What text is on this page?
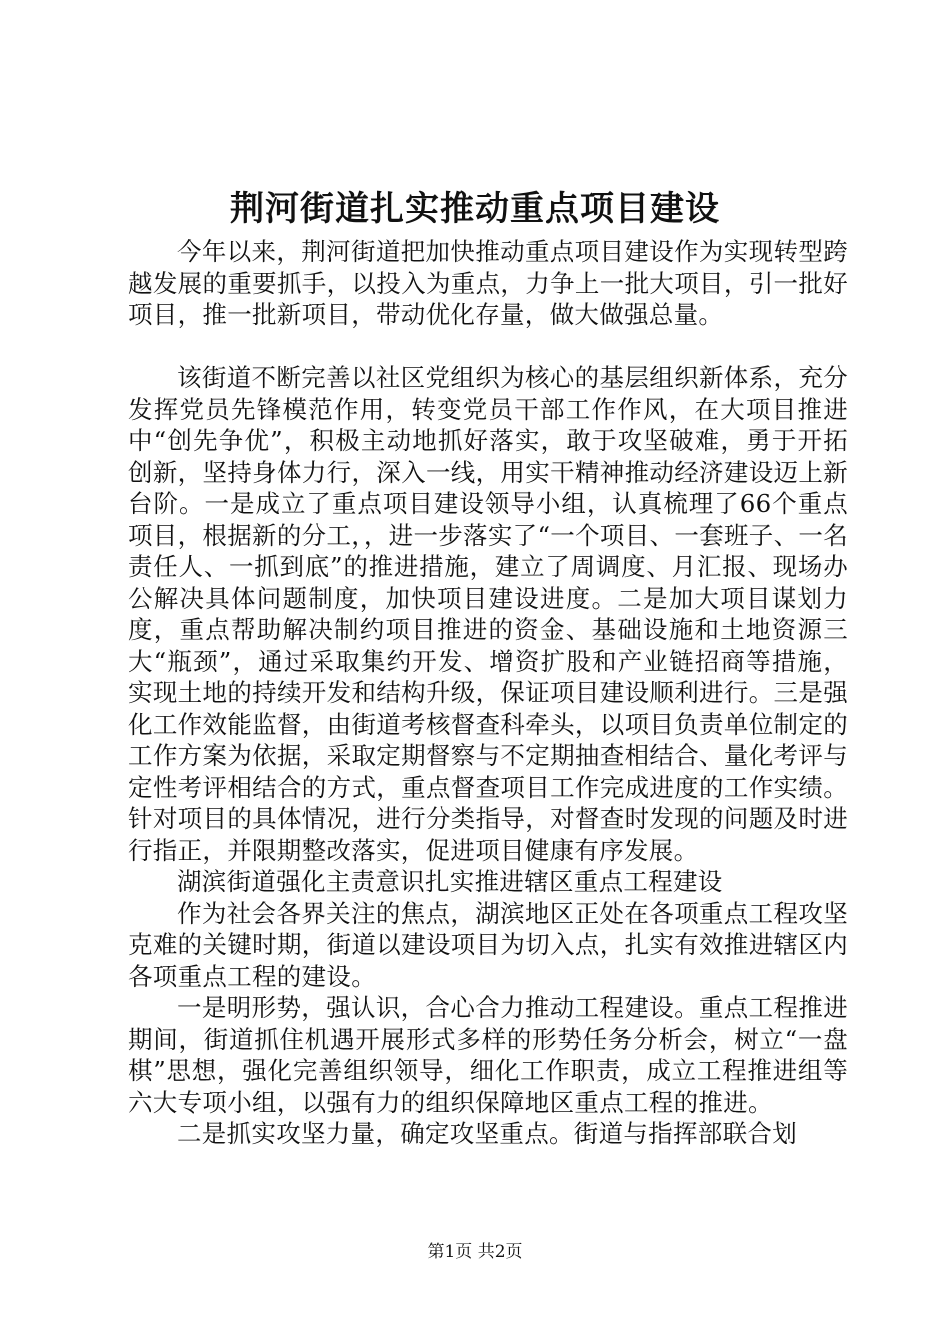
荆河街道扎实推动重点项目建设

今年以来，荆河街道把加快推动重点项目建设作为实现转型跨越发展的重要抓手，以投入为重点，力争上一批大项目，引一批好项目，推一批新项目，带动优化存量，做大做强总量。

该街道不断完善以社区党组织为核心的基层组织新体系，充分发挥党员先锋模范作用，转变党员干部工作作风，在大项目推进中“创先争优”，积极主动地抓好落实，敢于攻坚破难，勇于开拓创新，坚持身体力行，深入一线，用实干精神推动经济建设迈上新台阶。一是成立了重点项目建设领导小组，认真梳理了66个重点项目，根据新的分工，，进一步落实了“一个项目、一套班子、一名责任人、一抓到底”的推进措施，建立了周调度、月汇报、现场办公解决具体问题制度，加快项目建设进度。二是加大项目谋划力度，重点帮助解决制约项目推进的资金、基础设施和土地资源三大“瓶颈”，通过采取集约开发、增资扩股和产业链招商等措施，实现土地的持续开发和结构升级，保证项目建设顺利进行。三是强化工作效能监督，由街道考核督查科牵头，以项目负责单位制定的工作方案为依据，采取定期督察与不定期抽查相结合、量化考评与定性考评相结合的方式，重点督查项目工作完成进度的工作实绩。针对项目的具体情况，进行分类指导，对督查时发现的问题及时进行指正，并限期整改落实，促进项目健康有序发展。

湖滨街道强化主责意识扎实推进辖区重点工程建设

作为社会各界关注的焦点，湖滨地区正处在各项重点工程攻坚克难的关键时期，街道以建设项目为切入点，扎实有效推进辖区内各项重点工程的建设。

一是明形势，强认识，合心合力推动工程建设。重点工程推进期间，街道抓住机遇开展形式多样的形势任务分析会，树立“一盘棋”思想，强化完善组织领导，细化工作职责，成立工程推进组等六大专项小组，以强有力的组织保障地区重点工程的推进。

二是抓实攻坚力量，确定攻坚重点。街道与指挥部联合划

第1页 共2页
